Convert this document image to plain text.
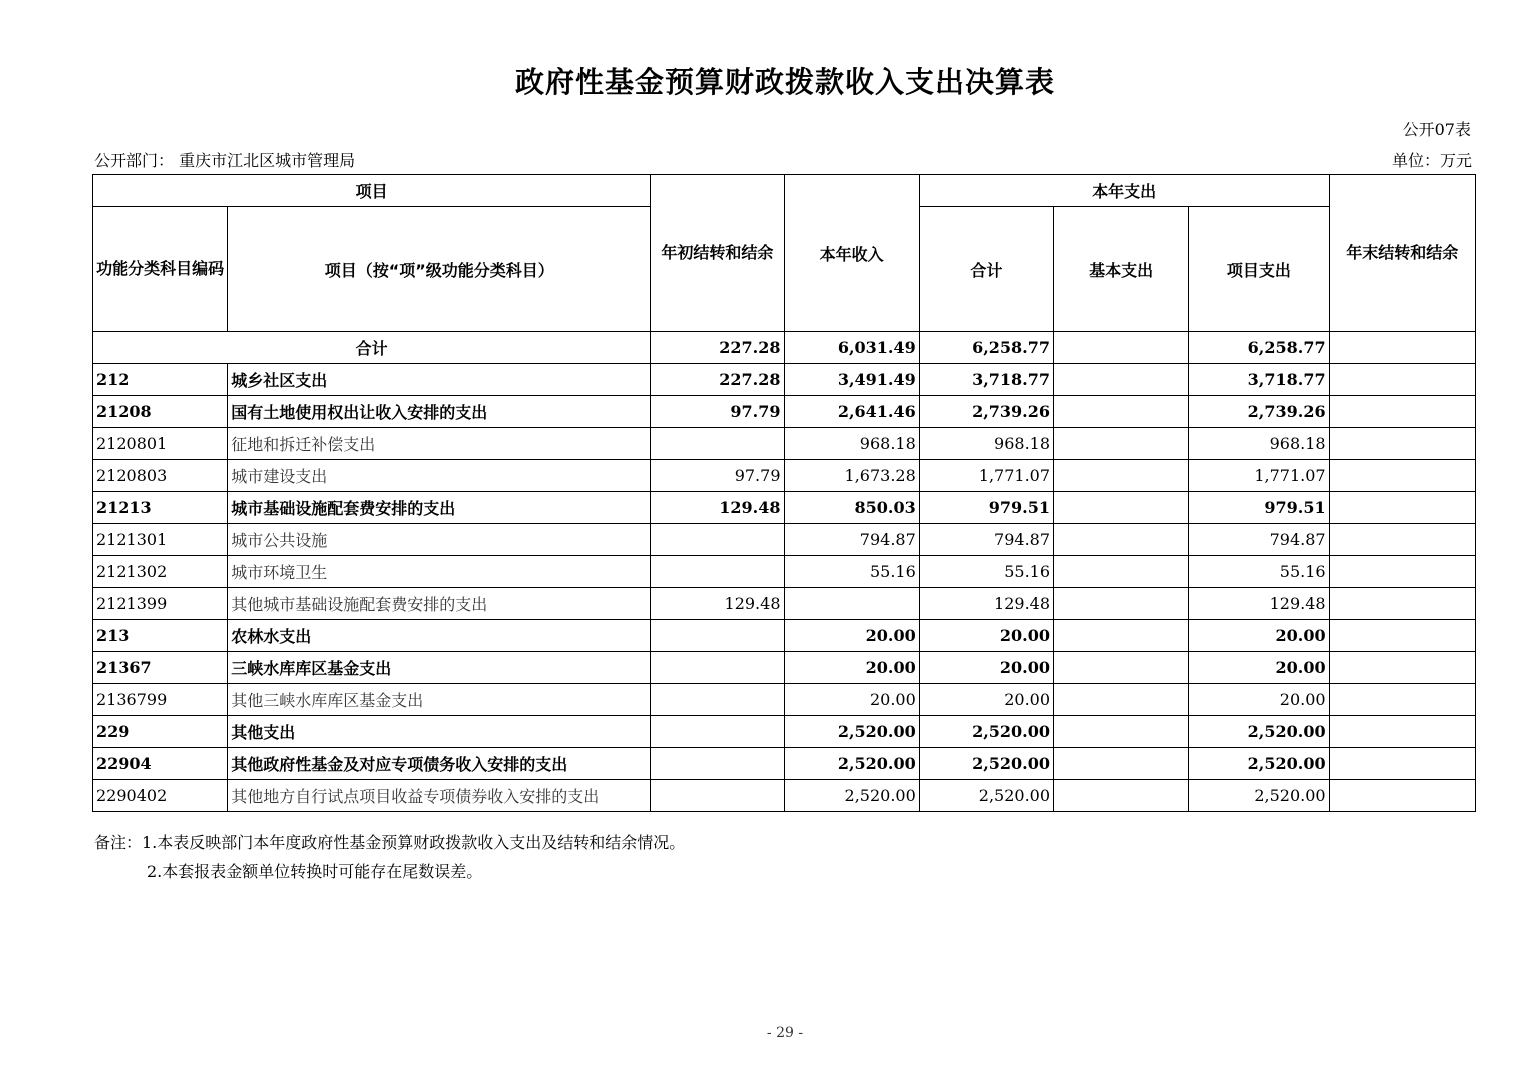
政府性基金预算财政拨款收入支出决算表
公开07表
公开部门： 重庆市江北区城市管理局	单位：万元
项目		年初结转和结余	本年收入	本年支出			年末结转和结余
功能分类科目编码	项目（按“项”级功能分类科目）			合计	基本支出	项目支出	
合计		227.28	6,031.49	6,258.77		6,258.77	
212	城乡社区支出	227.28	3,491.49	3,718.77		3,718.77	
21208	国有土地使用权出让收入安排的支出	97.79	2,641.46	2,739.26		2,739.26	
2120801	征地和拆迁补偿支出		968.18	968.18		968.18	
2120803	城市建设支出	97.79	1,673.28	1,771.07		1,771.07	
21213	城市基础设施配套费安排的支出	129.48	850.03	979.51		979.51	
2121301	城市公共设施		794.87	794.87		794.87	
2121302	城市环境卫生		55.16	55.16		55.16	
2121399	其他城市基础设施配套费安排的支出	129.48		129.48		129.48	
213	农林水支出		20.00	20.00		20.00	
21367	三峡水库库区基金支出		20.00	20.00		20.00	
2136799	其他三峡水库库区基金支出		20.00	20.00		20.00	
229	其他支出		2,520.00	2,520.00		2,520.00	
22904	其他政府性基金及对应专项债务收入安排的支出		2,520.00	2,520.00		2,520.00	
2290402	其他地方自行试点项目收益专项债券收入安排的支出		2,520.00	2,520.00		2,520.00	
备注：1.本表反映部门本年度政府性基金预算财政拨款收入支出及结转和结余情况。
2.本套报表金额单位转换时可能存在尾数误差。
- 29 -
